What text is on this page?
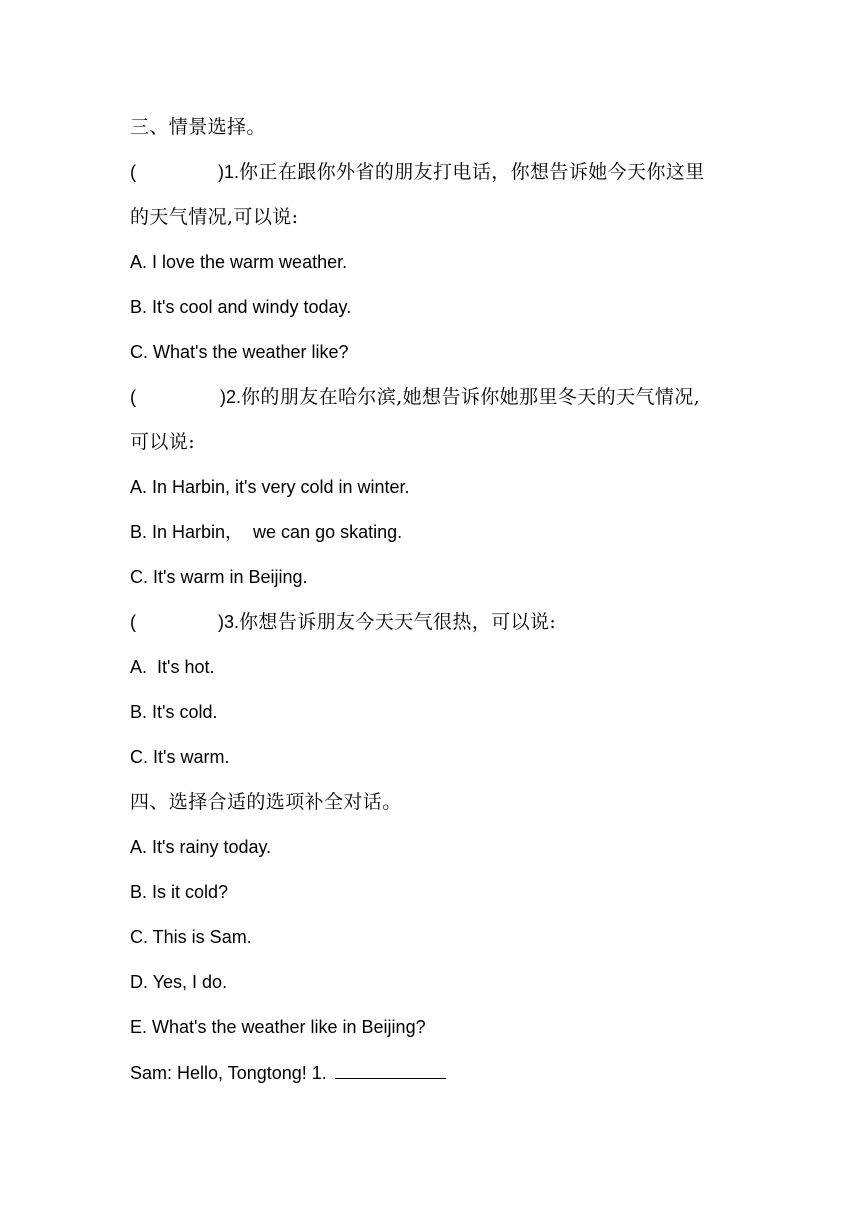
三、情景选择。
(	)1.你正在跟你外省的朋友打电话，你想告诉她今天你这里
的天气情况,可以说:
A. I love the warm weather.
B. It's cool and windy today.
C. What's the weather like?
(	)2.你的朋友在哈尔滨,她想告诉你她那里冬天的天气情况,
可以说:
A. In Harbin, it's very cold in winter.
B. In Harbin，  we can go skating.
C. It's warm in Beijing.
(	)3.你想告诉朋友今天天气很热，可以说:
A.  It's hot.
B. It's cold.
C. It's warm.
四、选择合适的选项补全对话。
A. It's rainy today.
B. Is it cold?
C. This is Sam.
D. Yes, I do.
E. What's the weather like in Beijing?
Sam: Hello, Tongtong! 1.
